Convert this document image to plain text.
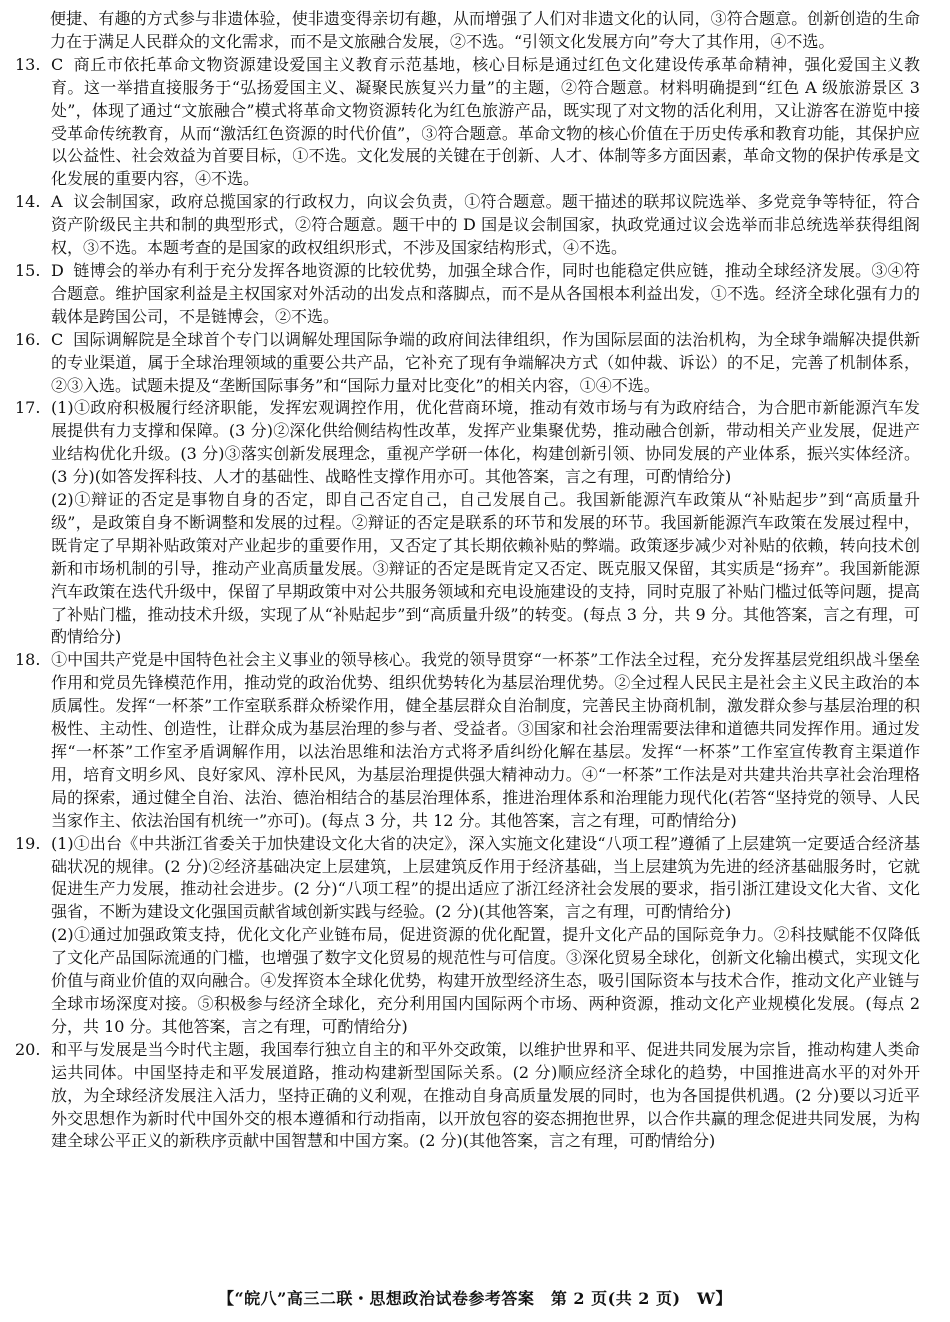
便捷、有趣的方式参与非遗体验，使非遗变得亲切有趣，从而增强了人们对非遗文化的认同，③符合题意。创新创造的生命力在于满足人民群众的文化需求，而不是文旅融合发展，②不选。“引领文化发展方向”夸大了其作用，④不选。

13. C 商丘市依托革命文物资源建设爱国主义教育示范基地，核心目标是通过红色文化建设传承革命精神，强化爱国主义教育。这一举措直接服务于“弘扬爱国主义、凝聚民族复兴力量”的主题，②符合题意。材料明确提到“红色 A 级旅游景区 3 处”，体现了通过“文旅融合”模式将革命文物资源转化为红色旅游产品，既实现了对文物的活化利用，又让游客在游览中接受革命传统教育，从而“激活红色资源的时代价值”，③符合题意。革命文物的核心价值在于历史传承和教育功能，其保护应以公益性、社会效益为首要目标，①不选。文化发展的关键在于创新、人才、体制等多方面因素，革命文物的保护传承是文化发展的重要内容，④不选。

14. A 议会制国家，政府总揽国家的行政权力，向议会负责，①符合题意。题干描述的联邦议院选举、多党竞争等特征，符合资产阶级民主共和制的典型形式，②符合题意。题干中的 D 国是议会制国家，执政党通过议会选举而非总统选举获得组阁权，③不选。本题考查的是国家的政权组织形式，不涉及国家结构形式，④不选。

15. D 链博会的举办有利于充分发挥各地资源的比较优势，加强全球合作，同时也能稳定供应链，推动全球经济发展。③④符合题意。维护国家利益是主权国家对外活动的出发点和落脚点，而不是从各国根本利益出发，①不选。经济全球化强有力的载体是跨国公司，不是链博会，②不选。

16. C 国际调解院是全球首个专门以调解处理国际争端的政府间法律组织，作为国际层面的法治机构，为全球争端解决提供新的专业渠道，属于全球治理领域的重要公共产品，它补充了现有争端解决方式（如仲裁、诉讼）的不足，完善了机制体系，②③入选。试题未提及“垄断国际事务”和“国际力量对比变化”的相关内容，①④不选。

17. (1)①政府积极履行经济职能，发挥宏观调控作用，优化营商环境，推动有效市场与有为政府结合，为合肥市新能源汽车发展提供有力支撑和保障。(3 分)②深化供给侧结构性改革，发挥产业集聚优势，推动融合创新，带动相关产业发展，促进产业结构优化升级。(3 分)③落实创新发展理念，重视产学研一体化，构建创新引领、协同发展的产业体系，振兴实体经济。(3 分)(如答发挥科技、人才的基础性、战略性支撑作用亦可。其他答案，言之有理，可酌情给分)

(2)①辩证的否定是事物自身的否定，即自己否定自己，自己发展自己。我国新能源汽车政策从“补贴起步”到“高质量升级”，是政策自身不断调整和发展的过程。②辩证的否定是联系的环节和发展的环节。我国新能源汽车政策在发展过程中，既肯定了早期补贴政策对产业起步的重要作用，又否定了其长期依赖补贴的弊端。政策逐步减少对补贴的依赖，转向技术创新和市场机制的引导，推动产业高质量发展。③辩证的否定是既肯定又否定、既克服又保留，其实质是“扬弃”。我国新能源汽车政策在迭代升级中，保留了早期政策中对公共服务领域和充电设施建设的支持，同时克服了补贴门槛过低等问题，提高了补贴门槛，推动技术升级，实现了从“补贴起步”到“高质量升级”的转变。(每点 3 分，共 9 分。其他答案，言之有理，可酌情给分)

18. ①中国共产党是中国特色社会主义事业的领导核心。我党的领导贯穿“一杯茶”工作法全过程，充分发挥基层党组织战斗堡垒作用和党员先锋模范作用，推动党的政治优势、组织优势转化为基层治理优势。②全过程人民民主是社会主义民主政治的本质属性。发挥“一杯茶”工作室联系群众桥梁作用，健全基层群众自治制度，完善民主协商机制，激发群众参与基层治理的积极性、主动性、创造性，让群众成为基层治理的参与者、受益者。③国家和社会治理需要法律和道德共同发挥作用。通过发挥“一杯茶”工作室矛盾调解作用，以法治思维和法治方式将矛盾纠纷化解在基层。发挥“一杯茶”工作室宣传教育主渠道作用，培育文明乡风、良好家风、淳朴民风，为基层治理提供强大精神动力。④“一杯茶”工作法是对共建共治共享社会治理格局的探索，通过健全自治、法治、德治相结合的基层治理体系，推进治理体系和治理能力现代化(若答“坚持党的领导、人民当家作主、依法治国有机统一”亦可)。(每点 3 分，共 12 分。其他答案，言之有理，可酌情给分)

19. (1)①出台《中共浙江省委关于加快建设文化大省的决定》，深入实施文化建设“八项工程”遵循了上层建筑一定要适合经济基础状况的规律。(2 分)②经济基础决定上层建筑，上层建筑反作用于经济基础，当上层建筑为先进的经济基础服务时，它就促进生产力发展，推动社会进步。(2 分)“八项工程”的提出适应了浙江经济社会发展的要求，指引浙江建设文化大省、文化强省，不断为建设文化强国贡献省域创新实践与经验。(2 分)(其他答案，言之有理，可酌情给分)

(2)①通过加强政策支持，优化文化产业链布局，促进资源的优化配置，提升文化产品的国际竞争力。②科技赋能不仅降低了文化产品国际流通的门槛，也增强了数字文化贸易的规范性与可信度。③深化贸易全球化，创新文化输出模式，实现文化价值与商业价值的双向融合。④发挥资本全球化优势，构建开放型经济生态，吸引国际资本与技术合作，推动文化产业链与全球市场深度对接。⑤积极参与经济全球化，充分利用国内国际两个市场、两种资源，推动文化产业规模化发展。(每点 2 分，共 10 分。其他答案，言之有理，可酌情给分)

20. 和平与发展是当今时代主题，我国奉行独立自主的和平外交政策，以维护世界和平、促进共同发展为宗旨，推动构建人类命运共同体。中国坚持走和平发展道路，推动构建新型国际关系。(2 分)顺应经济全球化的趋势，中国推进高水平的对外开放，为全球经济发展注入活力，坚持正确的义利观，在推动自身高质量发展的同时，也为各国提供机遇。(2 分)要以习近平外交思想作为新时代中国外交的根本遵循和行动指南，以开放包容的姿态拥抱世界，以合作共赢的理念促进共同发展，为构建全球公平正义的新秩序贡献中国智慧和中国方案。(2 分)(其他答案，言之有理，可酌情给分)

【“皖八”高三二联・思想政治试卷参考答案　第 2 页(共 2 页)　W】
